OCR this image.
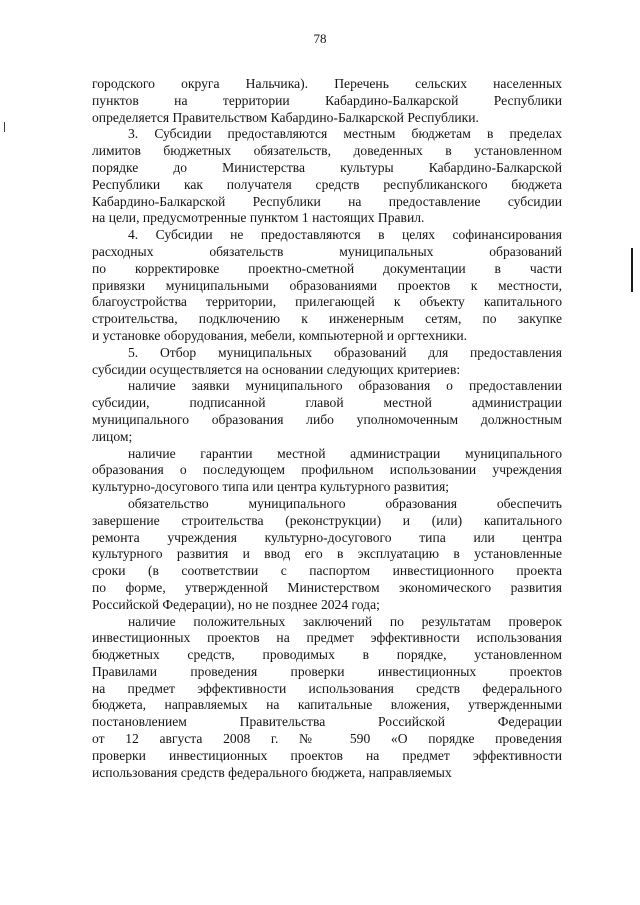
78
городского округа Нальчика). Перечень сельских населенных
пунктов на территории Кабардино-Балкарской Республики
определяется Правительством Кабардино-Балкарской Республики.
3. Субсидии предоставляются местным бюджетам в пределах
лимитов бюджетных обязательств, доведенных в установленном
порядке до Министерства культуры Кабардино-Балкарской
Республики как получателя средств республиканского бюджета
Кабардино-Балкарской Республики на предоставление субсидии
на цели, предусмотренные пунктом 1 настоящих Правил.
4. Субсидии не предоставляются в целях софинансирования
расходных обязательств муниципальных образований
по корректировке проектно-сметной документации в части
привязки муниципальными образованиями проектов к местности,
благоустройства территории, прилегающей к объекту капитального
строительства, подключению к инженерным сетям, по закупке
и установке оборудования, мебели, компьютерной и оргтехники.
5. Отбор муниципальных образований для предоставления
субсидии осуществляется на основании следующих критериев:
наличие заявки муниципального образования о предоставлении
субсидии, подписанной главой местной администрации
муниципального образования либо уполномоченным должностным
лицом;
наличие гарантии местной администрации муниципального
образования о последующем профильном использовании учреждения
культурно-досугового типа или центра культурного развития;
обязательство муниципального образования обеспечить
завершение строительства (реконструкции) и (или) капитального
ремонта учреждения культурно-досугового типа или центра
культурного развития и ввод его в эксплуатацию в установленные
сроки (в соответствии с паспортом инвестиционного проекта
по форме, утвержденной Министерством экономического развития
Российской Федерации), но не позднее 2024 года;
наличие положительных заключений по результатам проверок
инвестиционных проектов на предмет эффективности использования
бюджетных средств, проводимых в порядке, установленном
Правилами проведения проверки инвестиционных проектов
на предмет эффективности использования средств федерального
бюджета, направляемых на капитальные вложения, утвержденными
постановлением Правительства Российской Федерации
от 12 августа 2008 г. № 590 «О порядке проведения
проверки инвестиционных проектов на предмет эффективности
использования средств федерального бюджета, направляемых
